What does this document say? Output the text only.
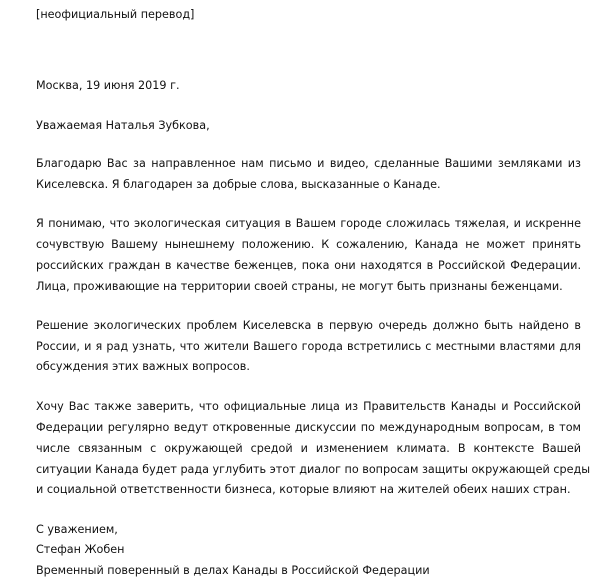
[неофициальный перевод]
Москва, 19 июня 2019 г.
Уважаемая Наталья Зубкова,
Благодарю Вас за направленное нам письмо и видео, сделанные Вашими земляками из
Киселевска. Я благодарен за добрые слова, высказанные о Канаде.
Я понимаю, что экологическая ситуация в Вашем городе сложилась тяжелая, и искренне
сочувствую Вашему нынешнему положению. К сожалению, Канада не может принять
российских граждан в качестве беженцев, пока они находятся в Российской Федерации.
Лица, проживающие на территории своей страны, не могут быть признаны беженцами.
Решение экологических проблем Киселевска в первую очередь должно быть найдено в
России, и я рад узнать, что жители Вашего города встретились с местными властями для
обсуждения этих важных вопросов.
Хочу Вас также заверить, что официальные лица из Правительств Канады и Российской
Федерации регулярно ведут откровенные дискуссии по международным вопросам, в том
числе связанным с окружающей средой и изменением климата. В контексте Вашей
ситуации Канада будет рада углубить этот диалог по вопросам защиты окружающей среды
и социальной ответственности бизнеса, которые влияют на жителей обеих наших стран.
С уважением,
Стефан Жобен
Временный поверенный в делах Канады в Российской Федерации
